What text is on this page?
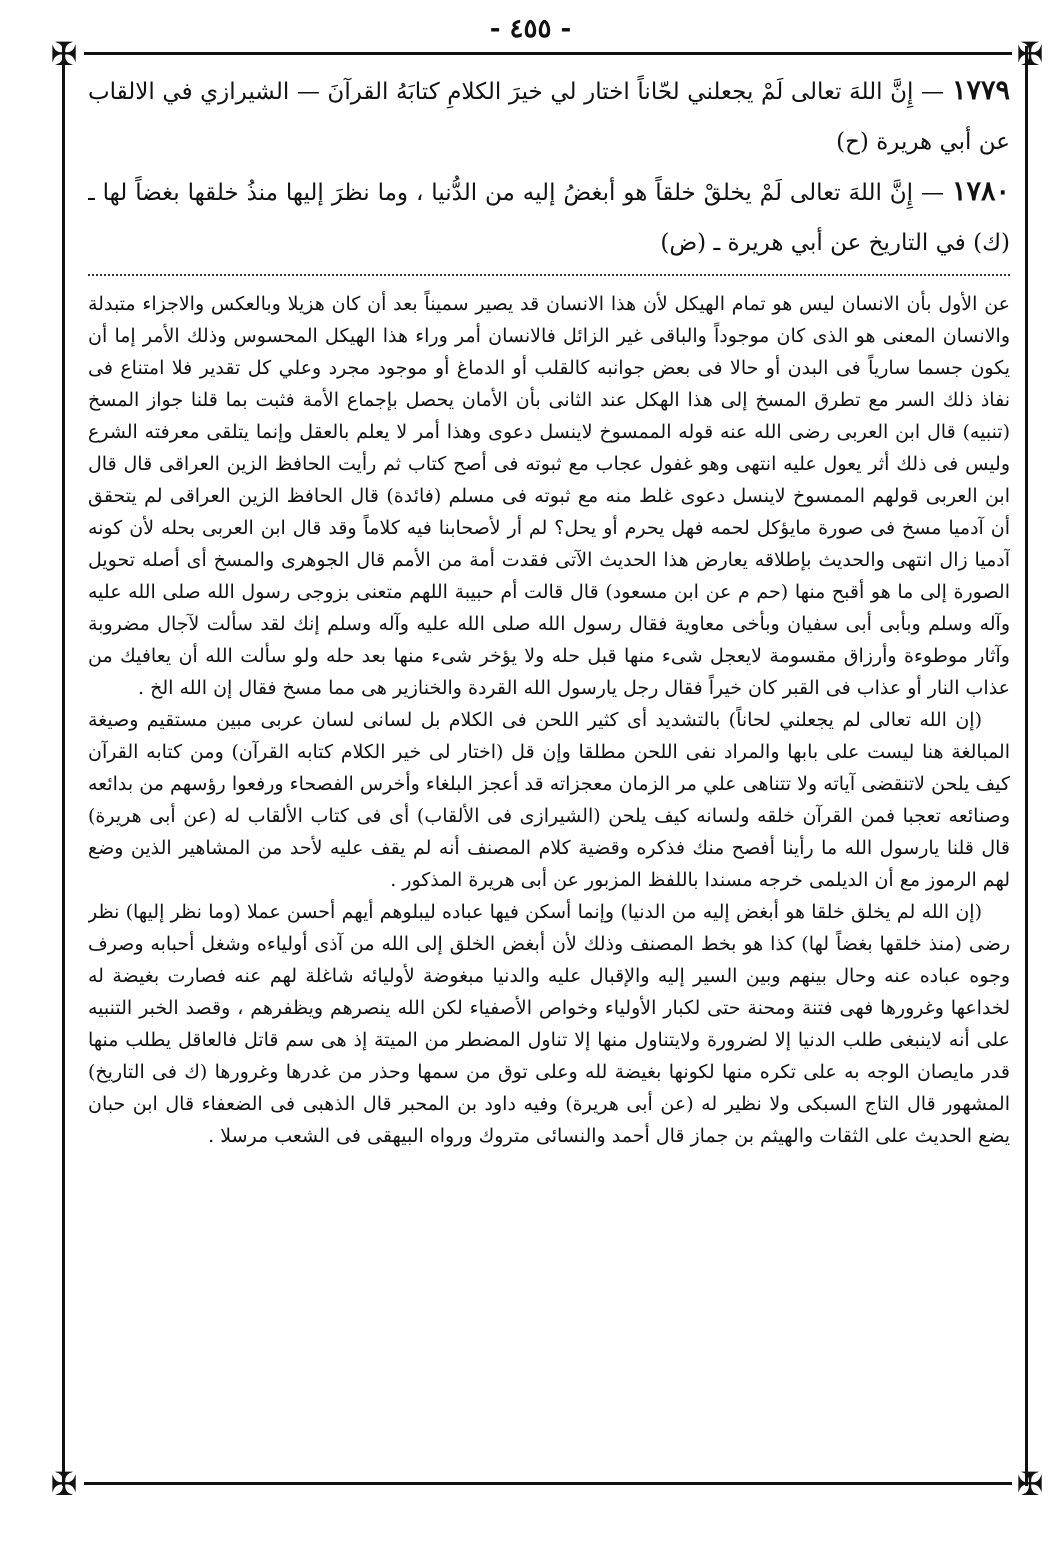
- ٤٥٥ -
✠	✠
✠	✠

١٧٧٩— إِنَّ اللهَ تعالى لَمْ يجعلني لحّاناً اختار لي خيرَ الكلامِ كتابَهُ القرآنَ — الشيرازي في الالقاب عن أبي هريرة (ح)

١٧٨٠— إِنَّ اللهَ تعالى لَمْ يخلقْ خلقاً هو أبغضُ إليه من الدُّنيا ، وما نظرَ إليها منذُ خلقها بغضاً لها ـ (ك) في التاريخ عن أبي هريرة ـ (ض)

عن الأول بأن الانسان ليس هو تمام الهيكل لأن هذا الانسان قد يصير سميناً بعد أن كان هزيلا وبالعكس والاجزاء متبدلة والانسان المعنى هو الذى كان موجوداً والباقى غير الزائل فالانسان أمر وراء هذا الهيكل المحسوس وذلك الأمر إما أن يكون جسما سارياً فى البدن أو حالا فى بعض جوانبه كالقلب أو الدماغ أو موجود مجرد وعلي كل تقدير فلا امتناع فى نفاذ ذلك السر مع تطرق المسخ إلى هذا الهكل عند الثانى بأن الأمان يحصل بإجماع الأمة فثبت بما قلنا جواز المسخ (تنبيه) قال ابن العربى رضى الله عنه قوله الممسوخ لاينسل دعوى وهذا أمر لا يعلم بالعقل وإنما يتلقى معرفته الشرع وليس فى ذلك أثر يعول عليه انتهى وهو غفول عجاب مع ثبوته فى أصح كتاب ثم رأيت الحافظ الزين العراقى قال قال ابن العربى قولهم الممسوخ لاينسل دعوى غلط منه مع ثبوته فى مسلم (فائدة) قال الحافظ الزين العراقى لم يتحقق أن آدميا مسخ فى صورة مايؤكل لحمه فهل يحرم أو يحل؟ لم أر لأصحابنا فيه كلاماً وقد قال ابن العربى بحله لأن كونه آدميا زال انتهى والحديث بإطلاقه يعارض هذا الحديث الآتى فقدت أمة من الأمم قال الجوهرى والمسخ أى أصله تحويل الصورة إلى ما هو أقبح منها (حم م عن ابن مسعود) قال قالت أم حبيبة اللهم متعنى بزوجى رسول الله صلى الله عليه وآله وسلم وبأبى أبى سفيان وبأخى معاوية فقال رسول الله صلى الله عليه وآله وسلم إنك لقد سألت لآجال مضروبة وآثار موطوءة وأرزاق مقسومة لايعجل شىء منها قبل حله ولا يؤخر شىء منها بعد حله ولو سألت الله أن يعافيك من عذاب النار أو عذاب فى القبر كان خيراً فقال رجل يارسول الله القردة والخنازير هى مما مسخ فقال إن الله الخ .

(إن الله تعالى لم يجعلني لحاناً) بالتشديد أى كثير اللحن فى الكلام بل لسانى لسان عربى مبين مستقيم وصيغة المبالغة هنا ليست على بابها والمراد نفى اللحن مطلقا وإن قل (اختار لى خير الكلام كتابه القرآن) ومن كتابه القرآن كيف يلحن لاتنقضى آياته ولا تتناهى علي مر الزمان معجزاته قد أعجز البلغاء وأخرس الفصحاء ورفعوا رؤسهم من بدائعه وصنائعه تعجبا فمن القرآن خلقه ولسانه كيف يلحن (الشيرازى فى الألقاب) أى فى كتاب الألقاب له (عن أبى هريرة) قال قلنا يارسول الله ما رأينا أفصح منك فذكره وقضية كلام المصنف أنه لم يقف عليه لأحد من المشاهير الذين وضع لهم الرموز مع أن الديلمى خرجه مسندا باللفظ المزبور عن أبى هريرة المذكور .

(إن الله لم يخلق خلقا هو أبغض إليه من الدنيا) وإنما أسكن فيها عباده ليبلوهم أيهم أحسن عملا (وما نظر إليها) نظر رضى (منذ خلقها بغضاً لها) كذا هو بخط المصنف وذلك لأن أبغض الخلق إلى الله من آذى أولياءه وشغل أحبابه وصرف وجوه عباده عنه وحال بينهم وبين السير إليه والإقبال عليه والدنيا مبغوضة لأوليائه شاغلة لهم عنه فصارت بغيضة له لخداعها وغرورها فهى فتنة ومحنة حتى لكبار الأولياء وخواص الأصفياء لكن الله ينصرهم ويظفرهم ، وقصد الخبر التنبيه على أنه لاينبغى طلب الدنيا إلا لضرورة ولايتناول منها إلا تناول المضطر من الميتة إذ هى سم قاتل فالعاقل يطلب منها قدر مايصان الوجه به على تكره منها لكونها بغيضة لله وعلى توق من سمها وحذر من غدرها وغرورها (ك فى التاريخ) المشهور قال التاج السبكى ولا نظير له (عن أبى هريرة) وفيه داود بن المحبر قال الذهبى فى الضعفاء قال ابن حبان يضع الحديث على الثقات والهيثم بن جماز قال أحمد والنسائى متروك ورواه البيهقى فى الشعب مرسلا .
